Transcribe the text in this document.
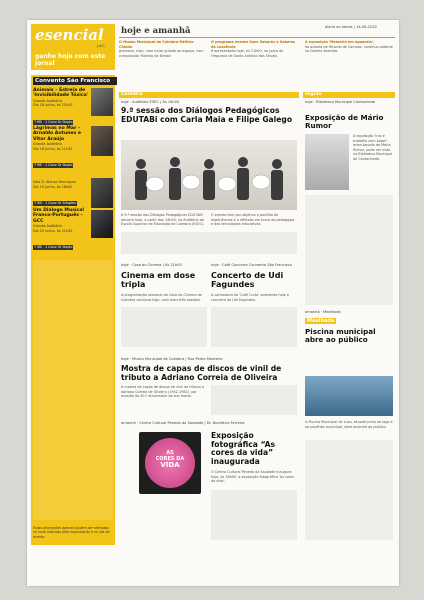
esencial
J.A.C.
ganhe hoje com este jornal
hoje e amanhã	diário as beiras | 14-06-2022
O Museu Municipal de Coimbra-Edifício Chiado
promove, hoje, uma visita guiada ao espaço, com a exposição 'Roteiro da Bimba'.
O programa evento Sons Sabores e Saberes da Lusofonia
é apresentado hoje, às 11h00, na Junta de Freguesia de Santo António dos Olivais.
A exposição 'Memória em aguarela',
da autoria de Ricardo de Campos, continua patente na Galeria Avenida.
Convento São Francisco
Animais – Estreia de 'Invisibilidade Tóxica'
Grande Auditório
Dia 18 junho, às 21h30
7 €B · 1 Conv Sr Duplo
Lágrimas no Mar – Arnaldo Antunes e Vitor Araújo
Grande Auditório
Dia 18 junho, às 21h30
7 €B · 1 Conv Sr Duplo
Sala D. Afonso Henriques
Dia 19 junho, às 18h00
7 €B · 1 Conv Sr Simples
Um Diálogo Musical Franco-Português – GCC
Grande Auditório
Dia 25 junho, às 21h30
7 €B · 1 Conv Sr Duplo
Estas promoções apenas podem ser retiradas no local indicado pela organização e no dia do evento.
Coimbra
hoje · Auditório ESEC | Às 14h00
9.ª sessão dos Diálogos Pedagógicos EDUTABi com Carla Maia e Filipe Galego
A 9.ª sessão dos Diálogos Pedagógicos EDUTABi decorre hoje, a partir das 14h00, no Auditório da Escola Superior de Educação de Coimbra (ESEC).
O evento tem por objetivo a partilha de experiências e a reflexão em torno da pedagogia e das tecnologias educativas.
hoje · Casa do Cinema | Às 21h00
Cinema em dose tripla
A programação semanal da Casa do Cinema de Coimbra continua hoje, com mais três sessões.
hoje · Café Concerto Convento São Francisco
Concerto de Udi Fagundes
A cantautora do 'Café Curto' apresenta hoje o concerto de Udi Fagundes.
hoje · Museu Municipal de Coimbra | Rua Pedro Monteiro
Mostra de capas de discos de vinil de tributo a Adriano Correia de Oliveira
A mostra de capas de discos de vinil de tributo a Adriano Correia de Oliveira (1942-1982), por ocasião do 40.º aniversário da sua morte.
amanhã · Centro Cultural Penedo da Saudade | Dr. Bonifácio Ferreira
AS
CORES DA
VIDA
Exposição fotográfica “As cores da vida” inaugurada
O Centro Cultural Penedo da Saudade inaugura hoje, às 18h00, a exposição fotográfica 'As cores da vida'.
região
hoje · Biblioteca Municipal Cantanhede
Exposição de Mário Rumor
A exposição 'Iras e trabalho com papel', artes-tanado de Mário Rumor, pode ser vista na Biblioteca Municipal de Cantanhede.
amanhã · Mealhada
Mealhada
Piscina municipal abre ao público
A Piscina Municipal de Luso, situada junto ao lago e ao pavilhão municipal, abre amanhã ao público.
